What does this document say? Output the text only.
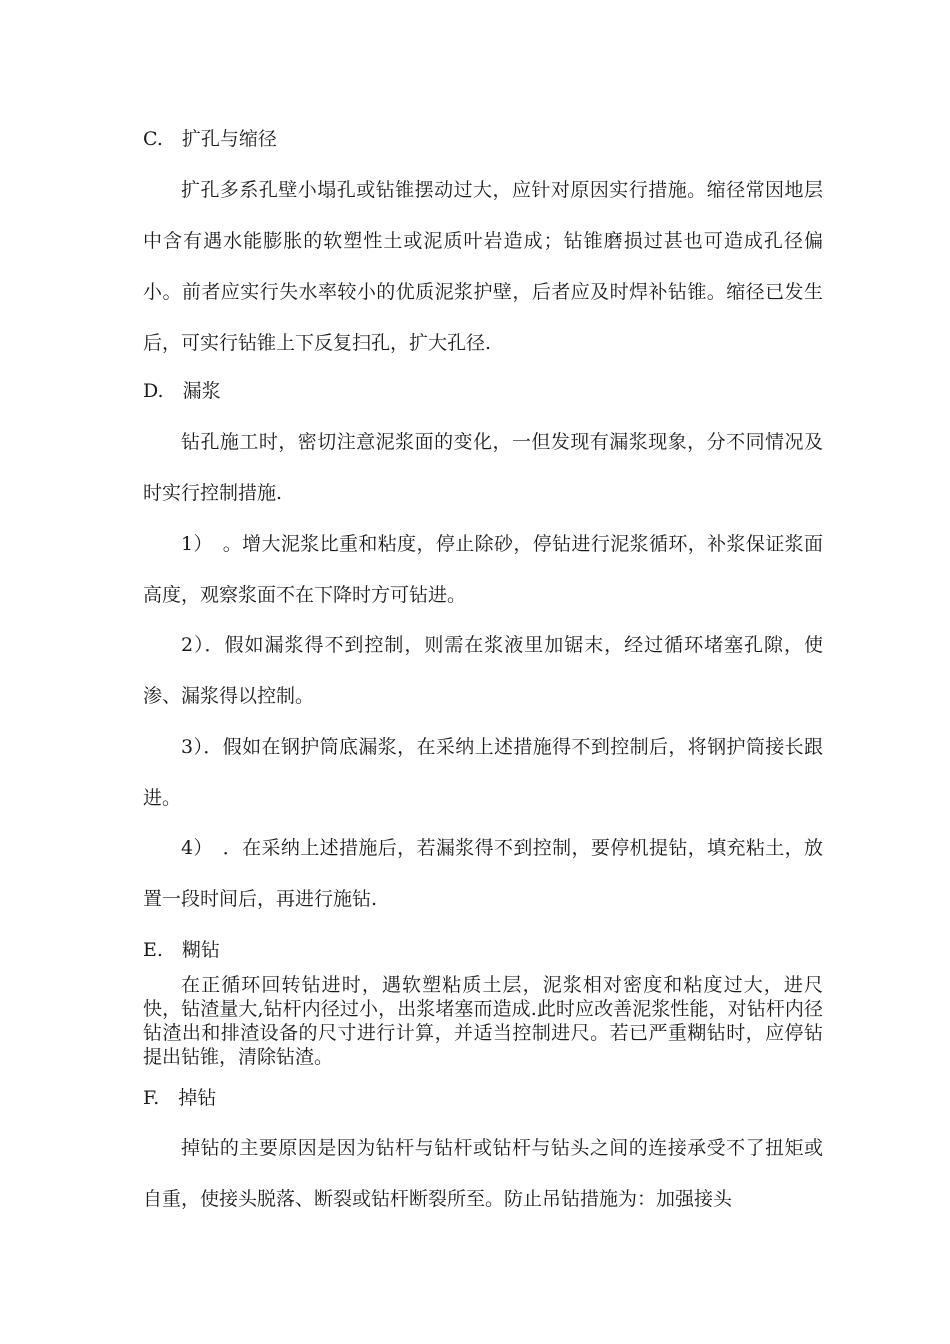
C.　扩孔与缩径

扩孔多系孔壁小塌孔或钻锥摆动过大，应针对原因实行措施。缩径常因地层中含有遇水能膨胀的软塑性土或泥质叶岩造成；钻锥磨损过甚也可造成孔径偏小。前者应实行失水率较小的优质泥浆护壁，后者应及时焊补钻锥。缩径已发生后，可实行钻锥上下反复扫孔，扩大孔径.

D.　漏浆

钻孔施工时，密切注意泥浆面的变化，一但发现有漏浆现象，分不同情况及时实行控制措施.

1）　。增大泥浆比重和粘度，停止除砂，停钻进行泥浆循环，补浆保证浆面高度，观察浆面不在下降时方可钻进。

2）．假如漏浆得不到控制，则需在浆液里加锯末，经过循环堵塞孔隙，使渗、漏浆得以控制。

3）．假如在钢护筒底漏浆，在采纳上述措施得不到控制后，将钢护筒接长跟进。

4）　．在采纳上述措施后，若漏浆得不到控制，要停机提钻，填充粘土，放置一段时间后，再进行施钻.

E.　糊钻

在正循环回转钻进时，遇软塑粘质土层，泥浆相对密度和粘度过大，进尺快，钻渣量大,钻杆内径过小，出浆堵塞而造成.此时应改善泥浆性能，对钻杆内径钻渣出和排渣设备的尺寸进行计算，并适当控制进尺。若已严重糊钻时，应停钻提出钻锥，清除钻渣。

F.　掉钻

掉钻的主要原因是因为钻杆与钻杆或钻杆与钻头之间的连接承受不了扭矩或自重，使接头脱落、断裂或钻杆断裂所至。防止吊钻措施为：加强接头
